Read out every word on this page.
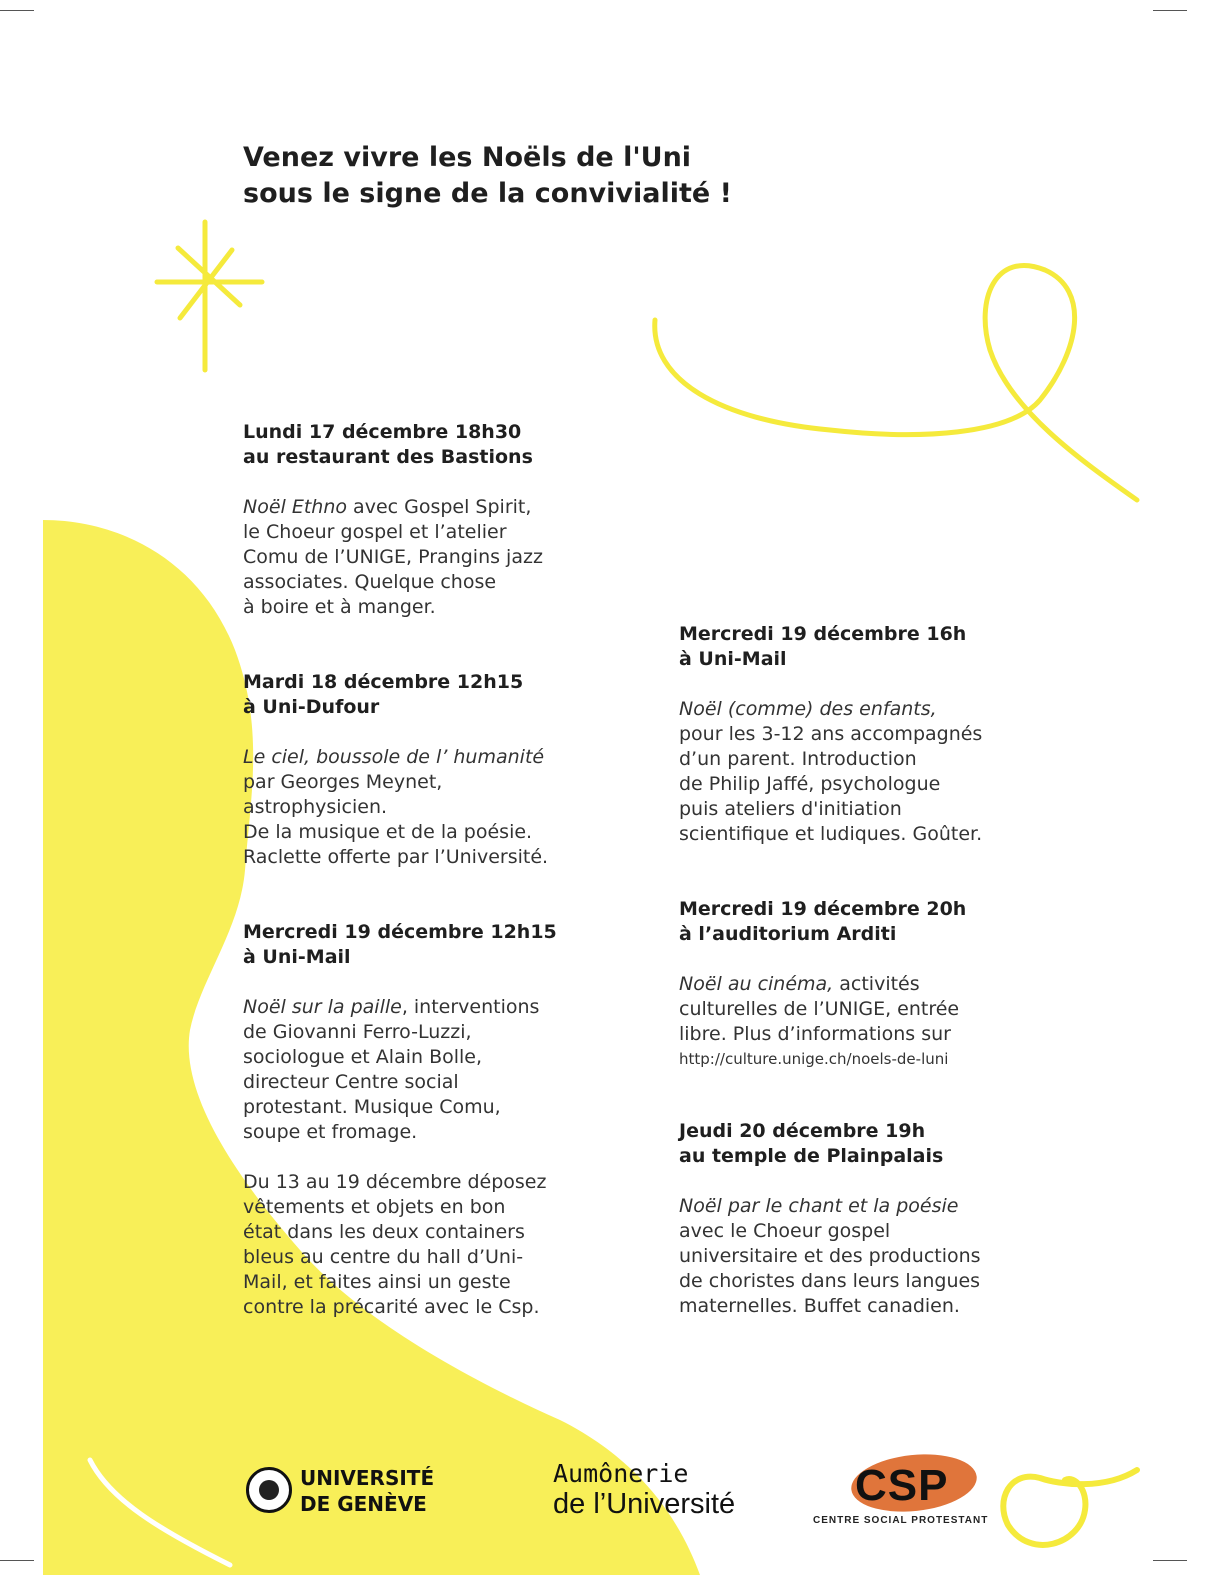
Venez vivre les Noëls de l'Uni
sous le signe de la convivialité !
Lundi 17 décembre 18h30
au restaurant des Bastions

Noël Ethno avec Gospel Spirit,
le Choeur gospel et l’atelier
Comu de l’UNIGE, Prangins jazz
associates. Quelque chose
à boire et à manger.

Mardi 18 décembre 12h15
à Uni-Dufour

Le ciel, boussole de l’ humanité
par Georges Meynet,
astrophysicien.
De la musique et de la poésie.
Raclette offerte par l’Université.

Mercredi 19 décembre 12h15
à Uni-Mail

Noël sur la paille, interventions
de Giovanni Ferro-Luzzi,
sociologue et Alain Bolle,
directeur Centre social
protestant. Musique Comu,
soupe et fromage.

Du 13 au 19 décembre déposez
vêtements et objets en bon
état dans les deux containers
bleus au centre du hall d’Uni-
Mail, et faites ainsi un geste
contre la précarité avec le Csp.

Mercredi 19 décembre 16h
à Uni-Mail

Noël (comme) des enfants,
pour les 3-12 ans accompagnés
d’un parent. Introduction
de Philip Jaffé, psychologue
puis ateliers d'initiation
scientifique et ludiques. Goûter.

Mercredi 19 décembre 20h
à l’auditorium Arditi

Noël au cinéma, activités
culturelles de l’UNIGE, entrée
libre. Plus d’informations sur
http://culture.unige.ch/noels-de-luni

Jeudi 20 décembre 19h
au temple de Plainpalais

Noël par le chant et la poésie
avec le Choeur gospel
universitaire et des productions
de choristes dans leurs langues
maternelles. Buffet canadien.

UNIVERSITÉ
DE GENÈVE
Aumônerie
de l’Université	CSP
CENTRE SOCIAL PROTESTANT
